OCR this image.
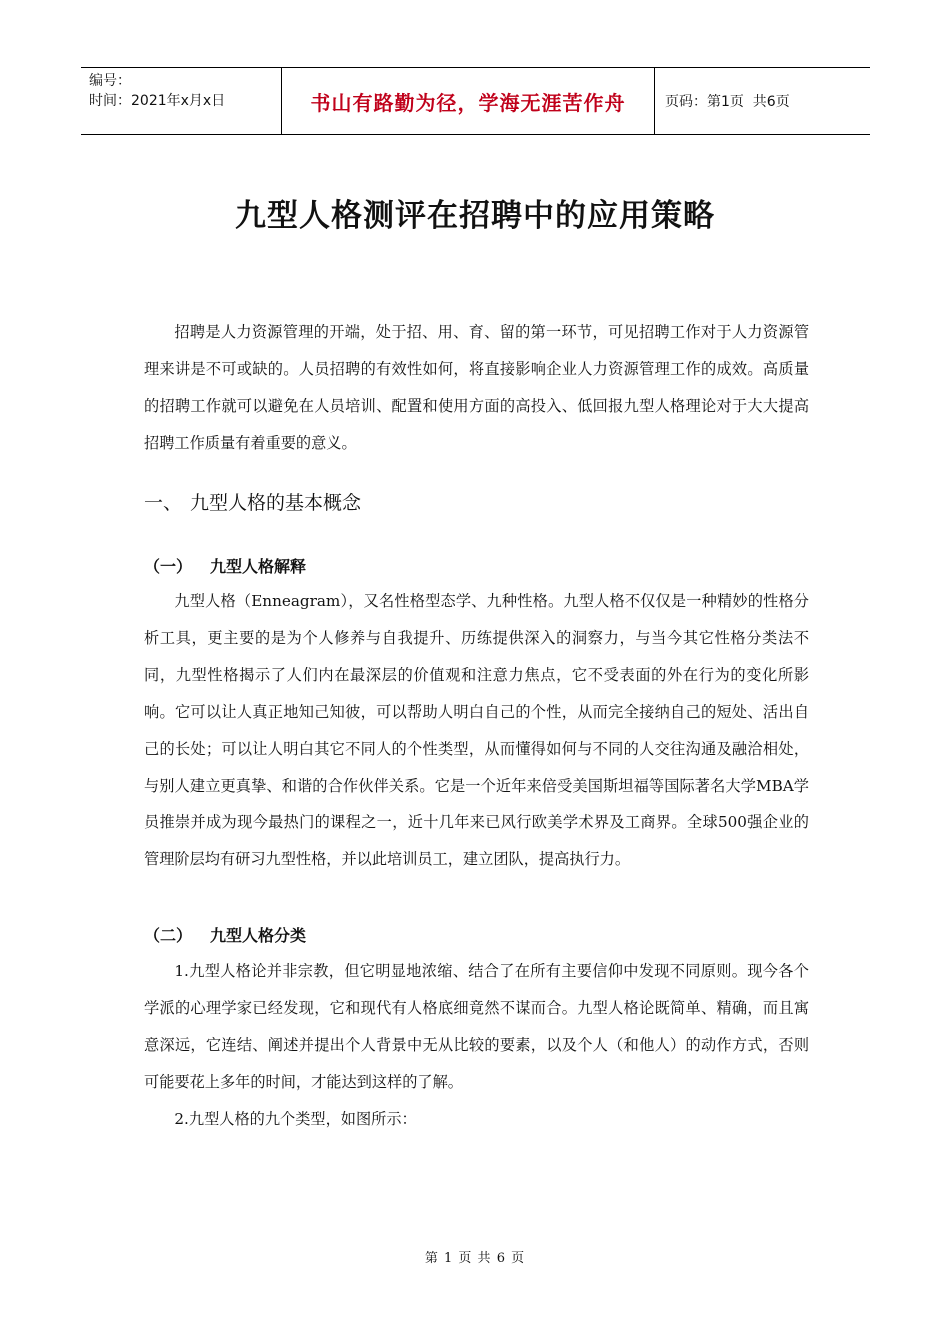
编号：
时间：2021年x月x日	书山有路勤为径，学海无涯苦作舟	页码：第1页  共6页
九型人格测评在招聘中的应用策略

招聘是人力资源管理的开端，处于招、用、育、留的第一环节，可见招聘工作对于人力资源管理来讲是不可或缺的。人员招聘的有效性如何，将直接影响企业人力资源管理工作的成效。高质量的招聘工作就可以避免在人员培训、配置和使用方面的高投入、低回报九型人格理论对于大大提高招聘工作质量有着重要的意义。

一、 九型人格的基本概念
（一） 九型人格解释

九型人格（Enneagram），又名性格型态学、九种性格。九型人格不仅仅是一种精妙的性格分析工具，更主要的是为个人修养与自我提升、历练提供深入的洞察力，与当今其它性格分类法不同，九型性格揭示了人们内在最深层的价值观和注意力焦点，它不受表面的外在行为的变化所影响。它可以让人真正地知己知彼，可以帮助人明白自己的个性，从而完全接纳自己的短处、活出自己的长处；可以让人明白其它不同人的个性类型，从而懂得如何与不同的人交往沟通及融洽相处，与别人建立更真挚、和谐的合作伙伴关系。它是一个近年来倍受美国斯坦福等国际著名大学MBA学员推崇并成为现今最热门的课程之一，近十几年来已风行欧美学术界及工商界。全球500强企业的管理阶层均有研习九型性格，并以此培训员工，建立团队，提高执行力。

（二） 九型人格分类

1.九型人格论并非宗教，但它明显地浓缩、结合了在所有主要信仰中发现不同原则。现今各个学派的心理学家已经发现，它和现代有人格底细竟然不谋而合。九型人格论既简单、精确，而且寓意深远，它连结、阐述并提出个人背景中无从比较的要素，以及个人（和他人）的动作方式，否则可能要花上多年的时间，才能达到这样的了解。

2.九型人格的九个类型，如图所示：

第 1 页 共 6 页
